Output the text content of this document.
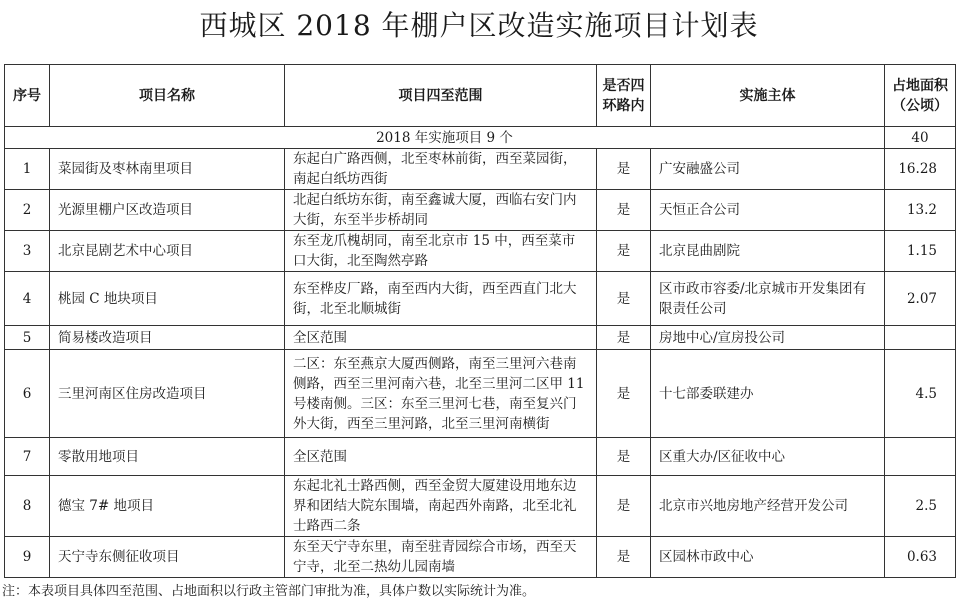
西城区 2018 年棚户区改造实施项目计划表
序号	项目名称	项目四至范围	是否四环路内	实施主体	占地面积（公顷）
2018 年实施项目 9 个					40
1	菜园街及枣林南里项目	东起白广路西侧，北至枣林前街，西至菜园街，南起白纸坊西街	是	广安融盛公司	16.28
2	光源里棚户区改造项目	北起白纸坊东街，南至鑫诚大厦，西临右安门内大街，东至半步桥胡同	是	天恒正合公司	13.2
3	北京昆剧艺术中心项目	东至龙爪槐胡同，南至北京市 15 中，西至菜市口大街，北至陶然亭路	是	北京昆曲剧院	1.15
4	桃园 C 地块项目	东至桦皮厂路，南至西内大街，西至西直门北大街，北至北顺城街	是	区市政市容委/北京城市开发集团有限责任公司	2.07
5	简易楼改造项目	全区范围	是	房地中心/宣房投公司	
6	三里河南区住房改造项目	二区：东至燕京大厦西侧路，南至三里河六巷南侧路，西至三里河南六巷，北至三里河二区甲 11 号楼南侧。三区：东至三里河七巷，南至复兴门外大街，西至三里河路，北至三里河南横街	是	十七部委联建办	4.5
7	零散用地项目	全区范围	是	区重大办/区征收中心	
8	德宝 7# 地项目	东起北礼士路西侧，西至金贸大厦建设用地东边界和团结大院东围墙，南起西外南路，北至北礼士路西二条	是	北京市兴地房地产经营开发公司	2.5
9	天宁寺东侧征收项目	东至天宁寺东里，南至驻青园综合市场，西至天宁寺，北至二热幼儿园南墙	是	区园林市政中心	0.63
注：本表项目具体四至范围、占地面积以行政主管部门审批为准，具体户数以实际统计为准。
